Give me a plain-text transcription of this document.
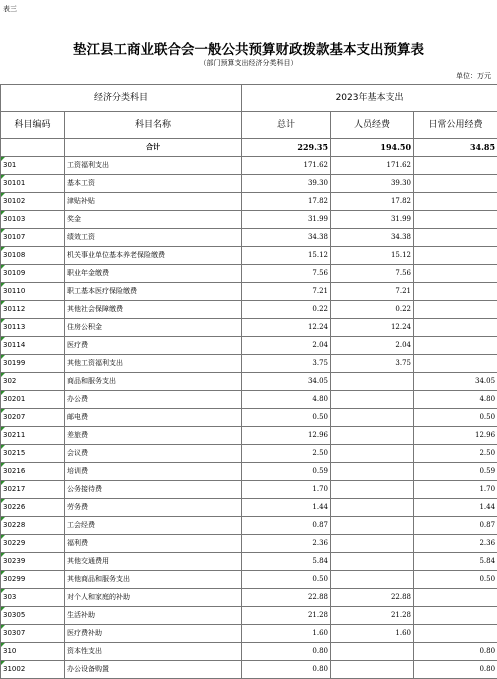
表三
垫江县工商业联合会一般公共预算财政拨款基本支出预算表
（部门预算支出经济分类科目）
单位：万元
经济分类科目		2023年基本支出		
科目编码	科目名称	总计	人员经费	日常公用经费
	合计	229.35	194.50	34.85
301	工资福利支出	171.62	171.62	
30101	基本工资	39.30	39.30	
30102	津贴补贴	17.82	17.82	
30103	奖金	31.99	31.99	
30107	绩效工资	34.38	34.38	
30108	机关事业单位基本养老保险缴费	15.12	15.12	
30109	职业年金缴费	7.56	7.56	
30110	职工基本医疗保险缴费	7.21	7.21	
30112	其他社会保障缴费	0.22	0.22	
30113	住房公积金	12.24	12.24	
30114	医疗费	2.04	2.04	
30199	其他工资福利支出	3.75	3.75	
302	商品和服务支出	34.05		34.05
30201	办公费	4.80		4.80
30207	邮电费	0.50		0.50
30211	差旅费	12.96		12.96
30215	会议费	2.50		2.50
30216	培训费	0.59		0.59
30217	公务接待费	1.70		1.70
30226	劳务费	1.44		1.44
30228	工会经费	0.87		0.87
30229	福利费	2.36		2.36
30239	其他交通费用	5.84		5.84
30299	其他商品和服务支出	0.50		0.50
303	对个人和家庭的补助	22.88	22.88	
30305	生活补助	21.28	21.28	
30307	医疗费补助	1.60	1.60	
310	资本性支出	0.80		0.80
31002	办公设备购置	0.80		0.80
